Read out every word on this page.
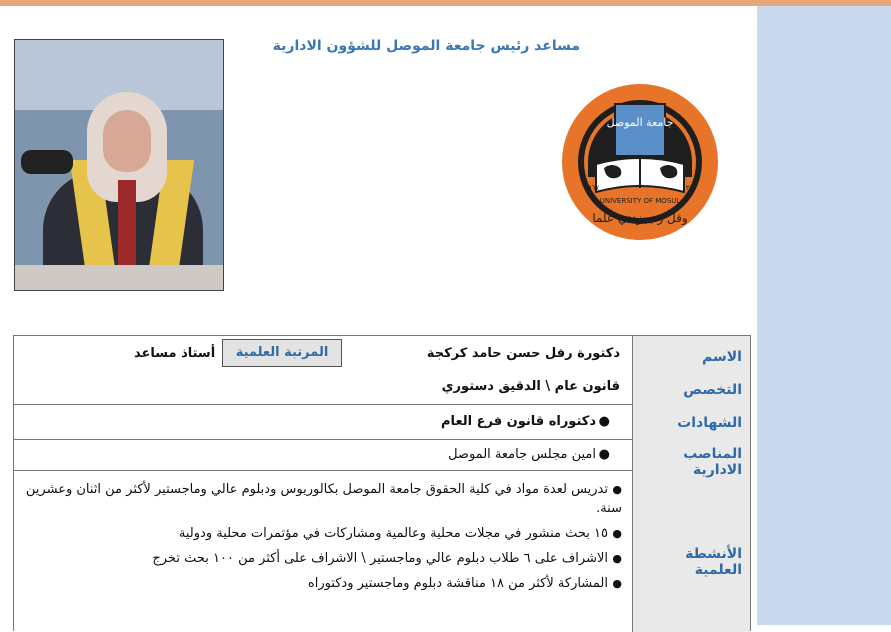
مساعد رئيس جامعة الموصل للشؤون الادارية
جامعة الموصل
UNIVERSITY OF MOSUL
١٩٦٧	١٣٨٧
وقل رب زدني علما
الاسم
التخصص
الشهادات
المناصب الادارية
الأنشطة العلمية
دكتورة رفل حسن حامد كركجة
المرتبة العلمية
أستاذ مساعد
قانون عام \ الدقيق دستوري
●دكتوراه قانون فرع العام
●امين مجلس جامعة الموصل
●تدريس لعدة مواد في كلية الحقوق جامعة الموصل بكالوريوس ودبلوم عالي وماجستير لأكثر من اثنان وعشرين سنة.
●١٥ بحث منشور في مجلات محلية وعالمية ومشاركات في مؤتمرات محلية ودولية
●الاشراف على ٦ طلاب دبلوم عالي وماجستير \ الاشراف على أكثر من ١٠٠ بحث تخرج
●المشاركة لأكثر من ١٨ مناقشة دبلوم وماجستير ودكتوراه
